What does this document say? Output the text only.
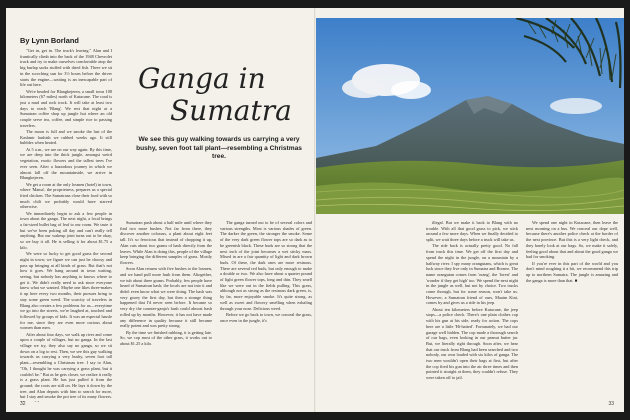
By Lynn Borland

"Get in, get in. The truck's leaving." Alan and I frantically climb into the back of the 1948 Chevrolet truck and try to make ourselves comfortable atop the big burlap sacks stuffed with dried fish. There we sit in the scorching sun for 3½ hours before the driver starts the engine—waiting is an inescapable part of life out here.

We're headed for Blangkejeren, a small town 108 kilometers (67 miles) north of Kutacane. The road is just a mud and rock track. It will take at least two days to reach 'Blang'. We rest that night at a Sumatran coffee shop up jungle hut where an old couple serve tea, coffee, and simple rice to passing travelers.

The moon is full and we smoke the last of the Kashmir hashish we rubbed weeks ago. It still bubbles when heated.

At 5 a.m., we are on our way again. By this time, we are deep into the thick jungle, amongst weird vegetation, exotic flowers and the tallest trees I've ever seen. After a hazardous journey in which we almost fall off the mountainside, we arrive in Blangkejeren.

We get a room at the only losmen (hotel) in town, where 'Mama', the proprietress, prepares us a special fried chicken. The Sumatrans close their food with so much chili we probably would have starved otherwise.

We immediately begin to ask a few people in town about the ganga. The next night, a local brings a fat-sized bullet bag of leaf to our room. We taste it but we've been poking all day and can't really tell anything. But our wakeup joint turns out to be okay, so we buy it all. He is selling it for about $1.75 a kilo.

We were so lucky to get good grass the second night in town; we figure we can just be choosy and pass up bringing at all kinds of grass. But that's not how it goes. We hang around in town waiting, seeing, but nobody has anything to knows where to get it. We didn't really need to ask since everyone knew what we wanted. Maybe one likes three-makes it up here every two months, their pursues bring to stay some green weed. The scarcity of travelers in Blang also creates a few problems for us—everytime we go into the streets, we're laughed at, touched and followed by groups of kids. It was an especial hassle for me, since they are even more curious about women than men.

After about four days, we walk up river and come upon a couple of villages, but no ganga. In the last village we try, they also say no ganga, so we sit down on a log to rest. Then, we see this guy walking towards us carrying a very bushy, seven foot tall plant—resembling a Christmas tree. I say to Alan, "Oh, I thought he was carrying a grass plant, but it couldn't be." But as he gets closer, we realize it really is a grass plant. He has just pulled it from the ground; the roots are still on. He lays it down by the tree, and Alan departs with him to search for more, but I stay and smoke the pot tree of its many flowers.

Ganga in
Sumatra
We see this guy walking towards us carrying a very bushy, seven foot tall plant—resembling a Christmas tree.

Sumatran push about a half mile until where they find two more bushes. Not far from there, they discover another colossus, a plant about eight feet tall. It's so ferocious that instead of chopping it up, Alan cuts about two grams of hash directly from the leaves. While Alan is doing this, people of the village keep bringing the different samples of grass. Mostly flowers.

Soon Alan returns with five bushes to the losmen, and we hand pull more hash from them. Altogether, we tub about three grams. Probably, few people have heard of Sumatran hash; the locals are not into it and didn't even know what we were doing. The hash was very gooey the first day, but then a strange thing happened that I'd never seen before. It became so very dry the counter-ganja's hash could almost hash rolled up by months. However, it has not have made any difference in quality because it still became really potent and was pretty strong.

By the time we finished rubbing, it is getting late. So, we cop most of the other grass, it works out to about $1.25 a kilo.

The ganga turned out to be of several colors and various strengths. Most is various shades of green. The darker the green, the stronger the smoke. Some of the very dark green flower tops are so dark as to be greenish black. These buds are so strong that the next inch of the joint becomes a wet sticky mass. Mixed in are a fair quantity of light and dark brown buds. Of these, the dark ones are more resinous. There are several red buds, but only enough to make a double or two. We also have about a quarter pound of light green flower tops, long and thin. They smell like we were out in the fields pulling. This grass, although not as strong as the resinous dark green, is, by far, more enjoyable smoke. It's quite strong, as well as sweet and flowery smelling when exhaling through your nose. Delicious weed.

Before we go back to town, we conceal the grass, once even in the jungle, it's

illegal. But we make it back to Blang with no trouble. With all that good grass to pick, we stick around a few more days. When we finally decided to split, we wait three days before a truck will take us.

The ride back is actually pretty good. No fall from truck this time. We get off the first day and spend the night in the jungle, on a mountain by a halfway river. I spy many orangutans, which is great luck since they live only in Sumatra and Borneo. The name orangutan comes from 'orang', the 'forest' and 'wonder if they get high' too. We spend the next night in the jungle as well, but not by choice. Two trucks come through, but for some reason, won't take us. However, a Sumatran friend of ours, Maaim Kini, comes by and gives us a ride in his jeep.

About ten kilometers before Kutacane, the jeep stops—a police check. There's one plain clothes cop with his gun at his side, ready for action. The cops here are a little 'Hi-hatted'. Fortunately, we had our garage well hidden. The cop made a thorough search of our bags, even looking in our peanut butter jar. But, we literally right through. Soon after, we hear that our truck from Blang had been searched and two nobody, our own loaded with six kilos of ganga. The two men wouldn't open their bags at first, but after the cop fired his gun into the air three times and then pointed it straight at them, they couldn't refuse. They were taken off to jail.

We spend one night in Kutacane, then leave the next morning on a bus. We conceal our dope well, because there's another police check at the border of the next province. But this is a very light check, and they barely look at our bags. So, we make it safely, feeling good about that and about the good ganga we had for smoking.

If you're ever in this part of the world and you don't mind roughing it a bit, we recommend this trip up to northern Sumatra. The jungle is amazing and the ganga is more than that. ■

32	33
